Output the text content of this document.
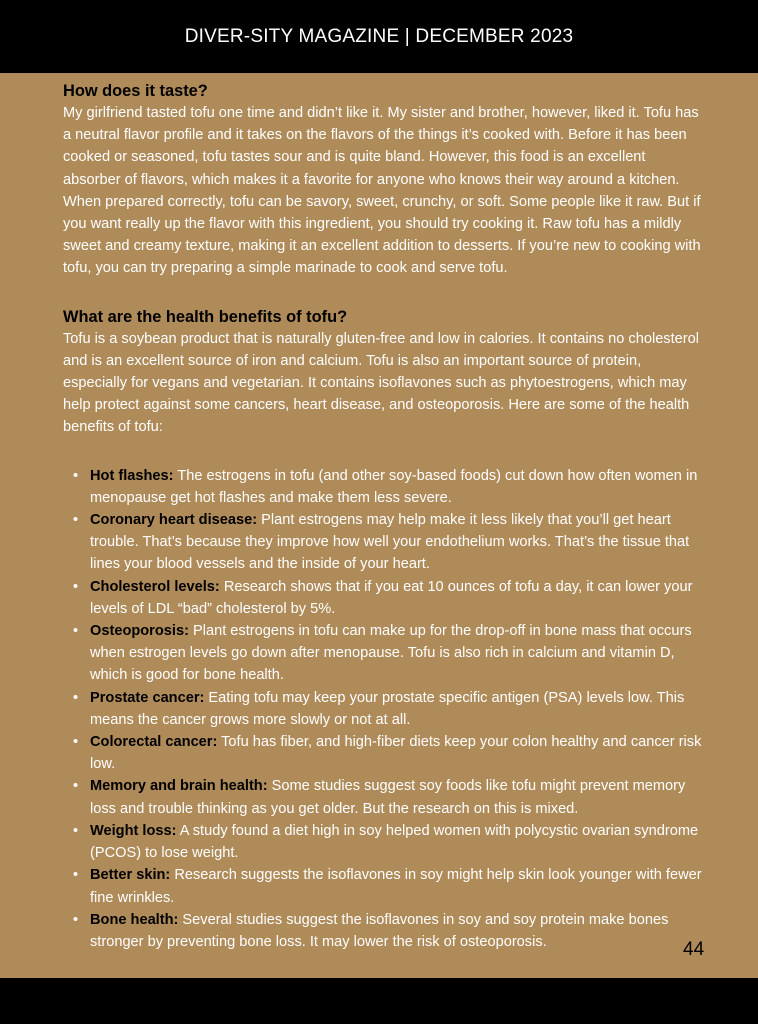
DIVER-SITY MAGAZINE | DECEMBER 2023
How does it taste?

My girlfriend tasted tofu one time and didn’t like it. My sister and brother, however, liked it. Tofu has a neutral flavor profile and it takes on the flavors of the things it’s cooked with. Before it has been cooked or seasoned, tofu tastes sour and is quite bland. However, this food is an excellent absorber of flavors, which makes it a favorite for anyone who knows their way around a kitchen. When prepared correctly, tofu can be savory, sweet, crunchy, or soft. Some people like it raw. But if you want really up the flavor with this ingredient, you should try cooking it. Raw tofu has a mildly sweet and creamy texture, making it an excellent addition to desserts. If you’re new to cooking with tofu, you can try preparing a simple marinade to cook and serve tofu.

What are the health benefits of tofu?

Tofu is a soybean product that is naturally gluten-free and low in calories. It contains no cholesterol and is an excellent source of iron and calcium. Tofu is also an important source of protein, especially for vegans and vegetarian. It contains isoflavones such as phytoestrogens, which may help protect against some cancers, heart disease, and osteoporosis. Here are some of the health benefits of tofu:

• Hot flashes: The estrogens in tofu (and other soy-based foods) cut down how often women in menopause get hot flashes and make them less severe.
• Coronary heart disease: Plant estrogens may help make it less likely that you’ll get heart trouble. That’s because they improve how well your endothelium works. That’s the tissue that lines your blood vessels and the inside of your heart.
• Cholesterol levels: Research shows that if you eat 10 ounces of tofu a day, it can lower your levels of LDL “bad” cholesterol by 5%.
• Osteoporosis: Plant estrogens in tofu can make up for the drop-off in bone mass that occurs when estrogen levels go down after menopause. Tofu is also rich in calcium and vitamin D, which is good for bone health.
• Prostate cancer: Eating tofu may keep your prostate specific antigen (PSA) levels low. This means the cancer grows more slowly or not at all.
• Colorectal cancer: Tofu has fiber, and high-fiber diets keep your colon healthy and cancer risk low.
• Memory and brain health: Some studies suggest soy foods like tofu might prevent memory loss and trouble thinking as you get older. But the research on this is mixed.
• Weight loss: A study found a diet high in soy helped women with polycystic ovarian syndrome (PCOS) to lose weight.
• Better skin: Research suggests the isoflavones in soy might help skin look younger with fewer fine wrinkles.
• Bone health: Several studies suggest the isoflavones in soy and soy protein make bones stronger by preventing bone loss. It may lower the risk of osteoporosis.	44
